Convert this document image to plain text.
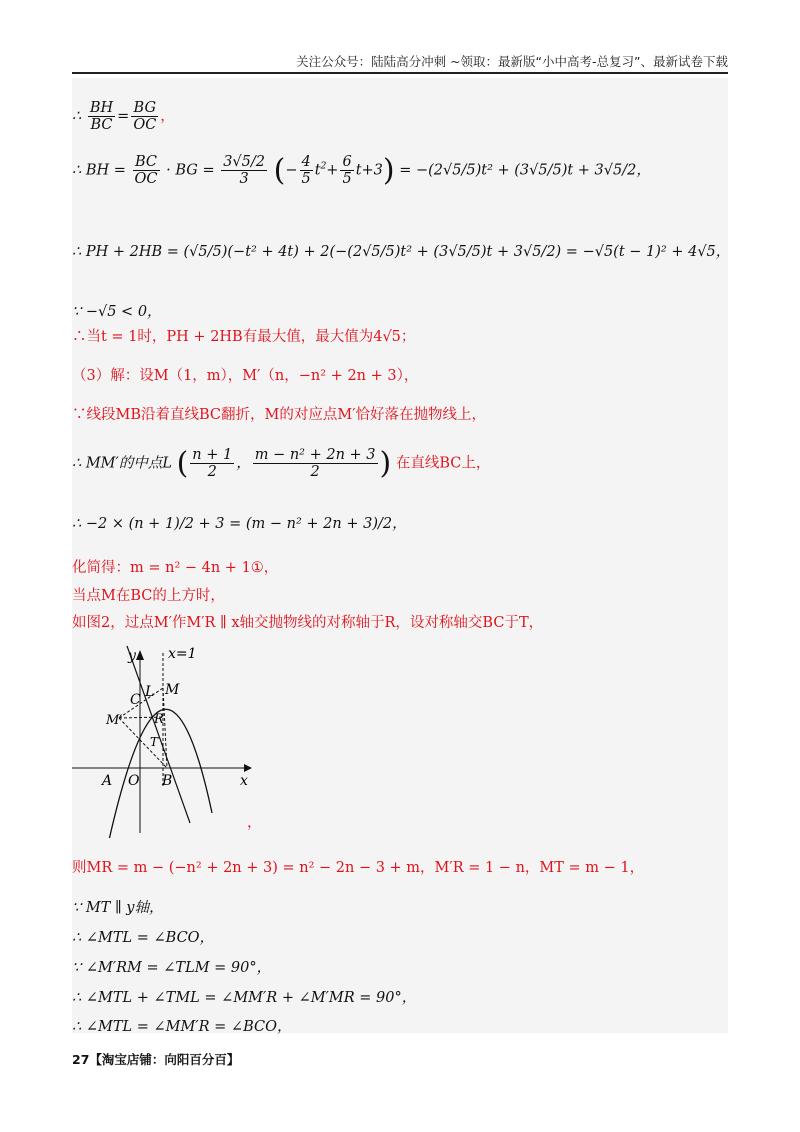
关注公众号：陆陆高分冲刺 ~领取：最新版“小中高考-总复习”、最新试卷下载
∴ $\frac{BH}{BC} = \frac{BG}{OC}$ ，
∴ BH = $\frac{BC}{OC}$ · BG = $\frac{3√5/2}{3}$ (− $\frac{4}{5} t^2+ \frac{6}{5} t+3) = -(2√5/5)t^2 + (3√5/5)t + 3√5/2$，
∴ PH + 2HB = (√5/5)(−t² + 4t) + 2(−(2√5/5)t² + (3√5/5)t + 3√5/2) = −√5(t − 1)² + 4√5，
∵ −√5 < 0，
∴当t = 1时，PH + 2HB有最大值，最大值为4√5；
（3）解：设M（1，m），M′（n，−n² + 2n + 3），
∵线段MB沿着直线BC翻折，M的对应点M′恰好落在抛物线上，
∴ MM′的中点L ( $\frac{n + 1}{2}$ ， $\frac{\text{m − n² + 2n + 3}}{2}$ ) 在直线BC上，
∴ −2 × (n + 1)/2 + 3 = (m − n² + 2n + 3)/2，
化简得：m = n² − 4n + 1①，
当点M在BC的上方时，
如图2，过点M′作M′R ∥ x轴交抛物线的对称轴于R，设对称轴交BC于T，
x
y x=1
C L M
M′ R
T
A O B
，
则MR = m − (−n² + 2n + 3) = n² − 2n − 3 + m，M′R = 1 − n，MT = m − 1，
∵ MT ∥ y轴，
∴ ∠MTL = ∠BCO，
∵ ∠M′RM = ∠TLM = 90°，
∴ ∠MTL + ∠TML = ∠MM′R + ∠M′MR = 90°，
∴ ∠MTL = ∠MM′R = ∠BCO，
27【淘宝店铺：向阳百分百】
